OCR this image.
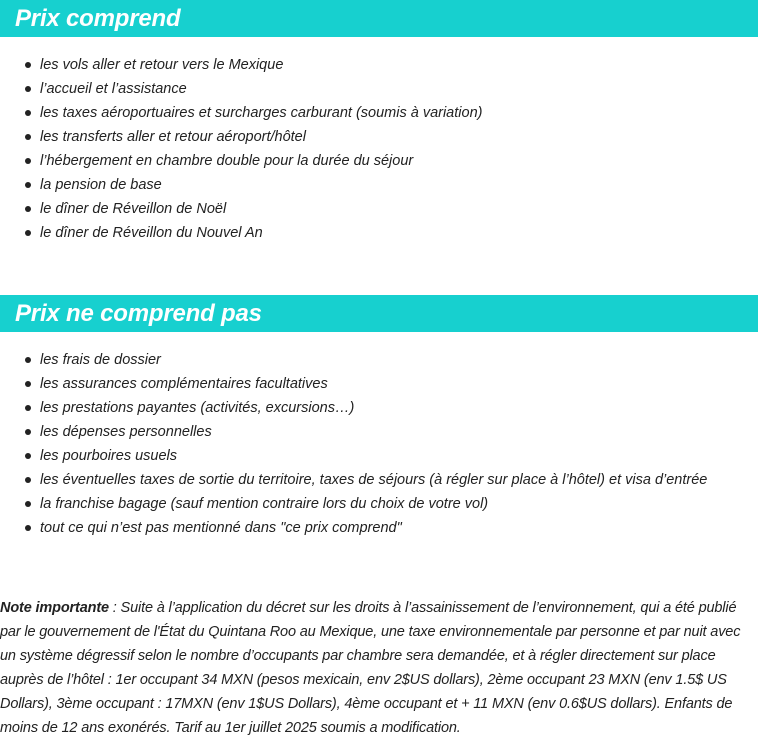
Prix comprend
les vols aller et retour vers le Mexique
l’accueil et l’assistance
les taxes aéroportuaires et surcharges carburant (soumis à variation)
les transferts aller et retour aéroport/hôtel
l’hébergement en chambre double pour la durée du séjour
la pension de base
le dîner de Réveillon de Noël
le dîner de Réveillon du Nouvel An
Prix ne comprend pas
les frais de dossier
les assurances complémentaires facultatives
les prestations payantes (activités, excursions…)
les dépenses personnelles
les pourboires usuels
les éventuelles taxes de sortie du territoire, taxes de séjours (à régler sur place à l’hôtel) et visa d’entrée
la franchise bagage (sauf mention contraire lors du choix de votre vol)
tout ce qui n’est pas mentionné dans "ce prix comprend"

Note importante : Suite à l’application du décret sur les droits à l’assainissement de l’environnement, qui a été publié par le gouvernement de l'État du Quintana Roo au Mexique, une taxe environnementale par personne et par nuit avec un système dégressif selon le nombre d’occupants par chambre sera demandée, et à régler directement sur place auprès de l’hôtel : 1er occupant 34 MXN (pesos mexicain, env 2$US dollars), 2ème occupant 23 MXN (env 1.5$ US Dollars), 3ème occupant : 17MXN (env 1$US Dollars), 4ème occupant et + 11 MXN (env 0.6$US dollars). Enfants de moins de 12 ans exonérés. Tarif au 1er juillet 2025 soumis a modification.
